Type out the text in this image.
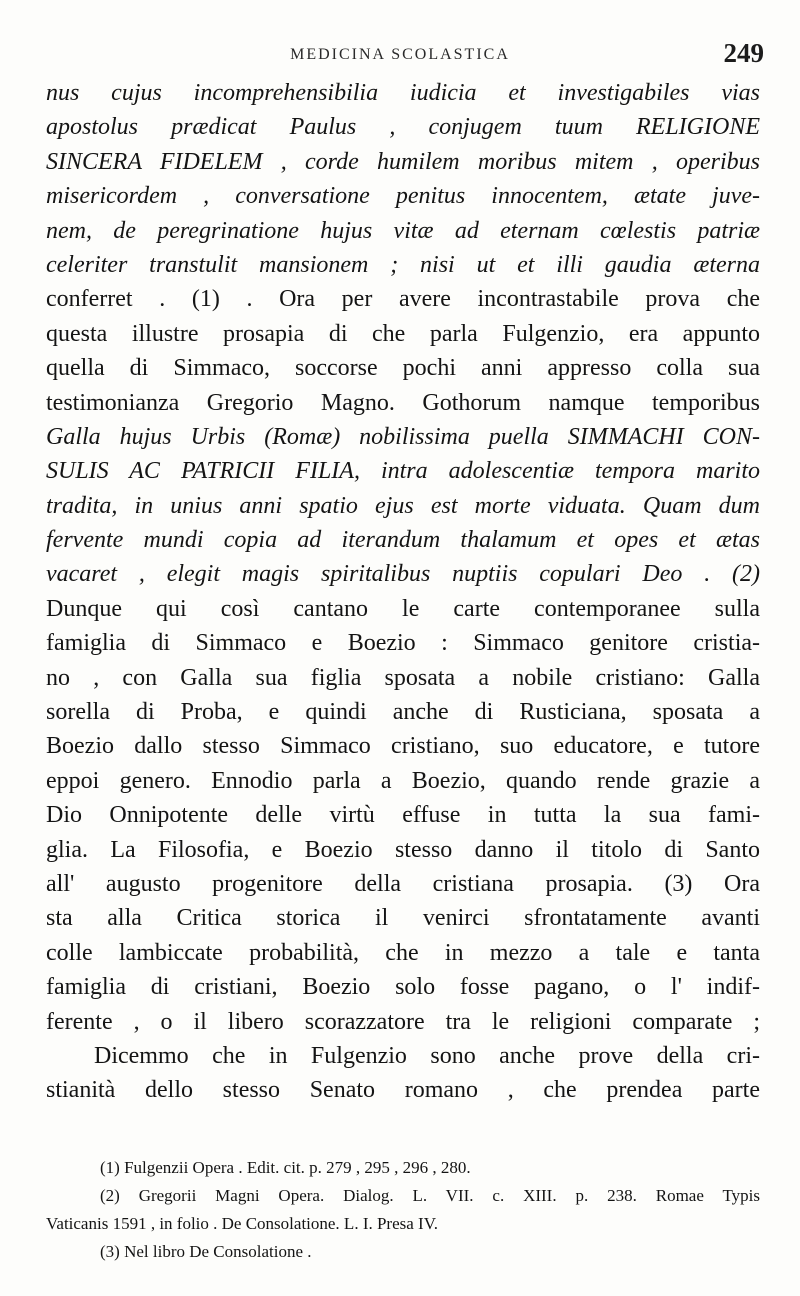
MEDICINA SCOLASTICA	249
nus cujus incomprehensibilia iudicia et investigabiles vias
apostolus prædicat Paulus , conjugem tuum RELIGIONE
SINCERA FIDELEM , corde humilem moribus mitem , operibus
misericordem , conversatione penitus innocentem, ætate juve-
nem, de peregrinatione hujus vitæ ad eternam cœlestis patriæ
celeriter transtulit mansionem ; nisi ut et illi gaudia æterna
conferret . (1) . Ora per avere incontrastabile prova che
questa illustre prosapia di che parla Fulgenzio, era appunto
quella di Simmaco, soccorse pochi anni appresso colla sua
testimonianza Gregorio Magno. Gothorum namque temporibus
Galla hujus Urbis (Romæ) nobilissima puella SIMMACHI CON-
SULIS AC PATRICII FILIA, intra adolescentiæ tempora marito
tradita, in unius anni spatio ejus est morte viduata. Quam dum
fervente mundi copia ad iterandum thalamum et opes et ætas
vacaret , elegit magis spiritalibus nuptiis copulari Deo . (2)
Dunque qui così cantano le carte contemporanee sulla
famiglia di Simmaco e Boezio : Simmaco genitore cristia-
no , con Galla sua figlia sposata a nobile cristiano: Galla
sorella di Proba, e quindi anche di Rusticiana, sposata a
Boezio dallo stesso Simmaco cristiano, suo educatore, e tutore
eppoi genero. Ennodio parla a Boezio, quando rende grazie a
Dio Onnipotente delle virtù effuse in tutta la sua fami-
glia. La Filosofia, e Boezio stesso danno il titolo di Santo
all' augusto progenitore della cristiana prosapia. (3) Ora
sta alla Critica storica il venirci sfrontatamente avanti
colle lambiccate probabilità, che in mezzo a tale e tanta
famiglia di cristiani, Boezio solo fosse pagano, o l' indif-
ferente , o il libero scorazzatore tra le religioni comparate ;
Dicemmo che in Fulgenzio sono anche prove della cri-
stianità dello stesso Senato romano , che prendea parte
(1) Fulgenzii Opera . Edit. cit. p. 279 , 295 , 296 , 280.
(2) Gregorii Magni Opera. Dialog. L. VII. c. XIII. p. 238. Romae Typis
Vaticanis 1591 , in folio . De Consolatione. L. I. Presa IV.
(3) Nel libro De Consolatione .
